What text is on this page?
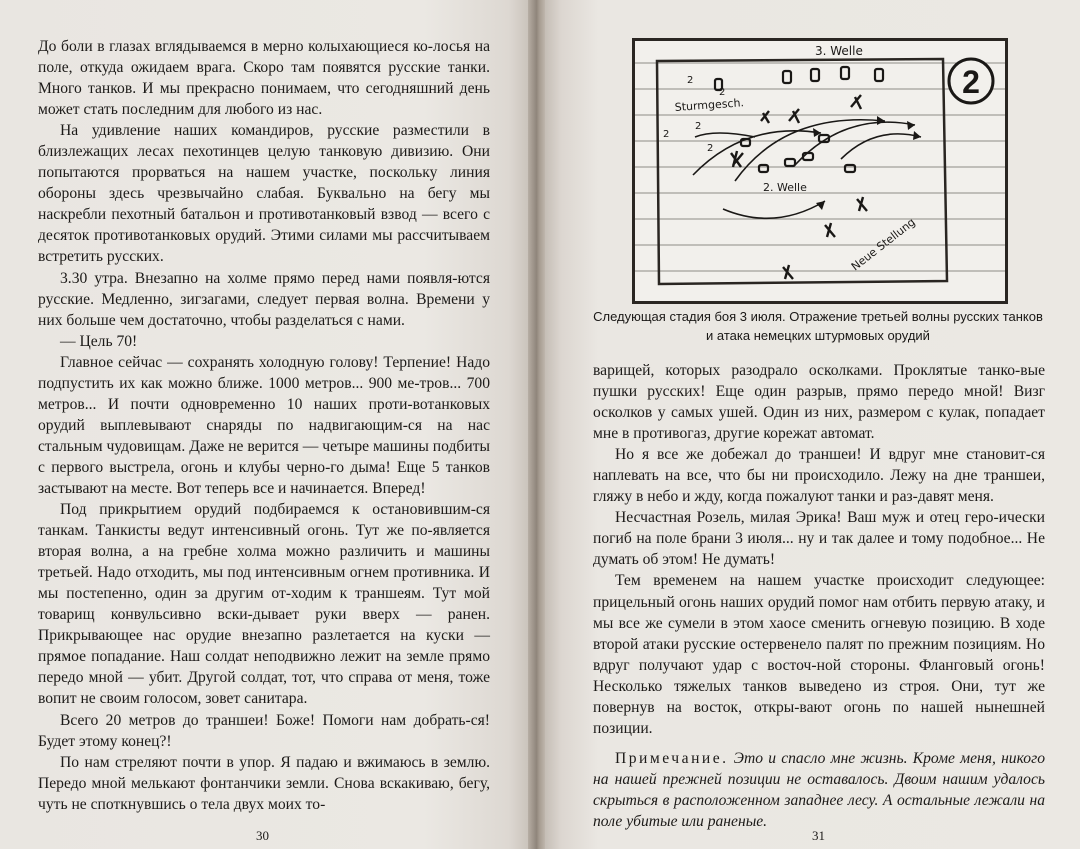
До боли в глазах вглядываемся в мерно колыхающиеся ко-лосья на поле, откуда ожидаем врага. Скоро там появятся русские танки. Много танков. И мы прекрасно понимаем, что сегодняшний день может стать последним для любого из нас.

На удивление наших командиров, русские разместили в близлежащих лесах пехотинцев целую танковую дивизию. Они попытаются прорваться на нашем участке, поскольку линия обороны здесь чрезвычайно слабая. Буквально на бегу мы наскребли пехотный батальон и противотанковый взвод — всего с десяток противотанковых орудий. Этими силами мы рассчитываем встретить русских.

3.30 утра. Внезапно на холме прямо перед нами появля-ются русские. Медленно, зигзагами, следует первая волна. Времени у них больше чем достаточно, чтобы разделаться с нами.

— Цель 70!

Главное сейчас — сохранять холодную голову! Терпение! Надо подпустить их как можно ближе. 1000 метров... 900 ме-тров... 700 метров... И почти одновременно 10 наших проти-вотанковых орудий выплевывают снаряды по надвигающим-ся на нас стальным чудовищам. Даже не верится — четыре машины подбиты с первого выстрела, огонь и клубы черно-го дыма! Еще 5 танков застывают на месте. Вот теперь все и начинается. Вперед!

Под прикрытием орудий подбираемся к остановившим-ся танкам. Танкисты ведут интенсивный огонь. Тут же по-является вторая волна, а на гребне холма можно различить и машины третьей. Надо отходить, мы под интенсивным огнем противника. И мы постепенно, один за другим от-ходим к траншеям. Тут мой товарищ конвульсивно вски-дывает руки вверх — ранен. Прикрывающее нас орудие внезапно разлетается на куски — прямое попадание. Наш солдат неподвижно лежит на земле прямо передо мной — убит. Другой солдат, тот, что справа от меня, тоже вопит не своим голосом, зовет санитара.

Всего 20 метров до траншеи! Боже! Помоги нам добрать-ся! Будет этому конец?!

По нам стреляют почти в упор. Я падаю и вжимаюсь в землю. Передо мной мелькают фонтанчики земли. Снова вскакиваю, бегу, чуть не споткнувшись о тела двух моих то-

30
2
3. Welle
Sturmgesch.
2. Welle
Neue Stellung
2
2
2
2
2
Следующая стадия боя 3 июля. Отражение третьей волны русских танков и атака немецких штурмовых орудий

варищей, которых разодрало осколками. Проклятые танко-вые пушки русских! Еще один разрыв, прямо передо мной! Визг осколков у самых ушей. Один из них, размером с кулак, попадает мне в противогаз, другие корежат автомат.

Но я все же добежал до траншеи! И вдруг мне становит-ся наплевать на все, что бы ни происходило. Лежу на дне траншеи, гляжу в небо и жду, когда пожалуют танки и раз-давят меня.

Несчастная Розель, милая Эрика! Ваш муж и отец геро-ически погиб на поле брани 3 июля... ну и так далее и тому подобное... Не думать об этом! Не думать!

Тем временем на нашем участке происходит следующее: прицельный огонь наших орудий помог нам отбить первую атаку, и мы все же сумели в этом хаосе сменить огневую позицию. В ходе второй атаки русские остервенело палят по прежним позициям. Но вдруг получают удар с восточ-ной стороны. Фланговый огонь! Несколько тяжелых танков выведено из строя. Они, тут же повернув на восток, откры-вают огонь по нашей нынешней позиции.

Примечание. Это и спасло мне жизнь. Кроме меня, никого на нашей прежней позиции не оставалось. Двоим нашим удалось скрыться в расположенном западнее лесу. А остальные лежали на поле убитые или раненые.

31
